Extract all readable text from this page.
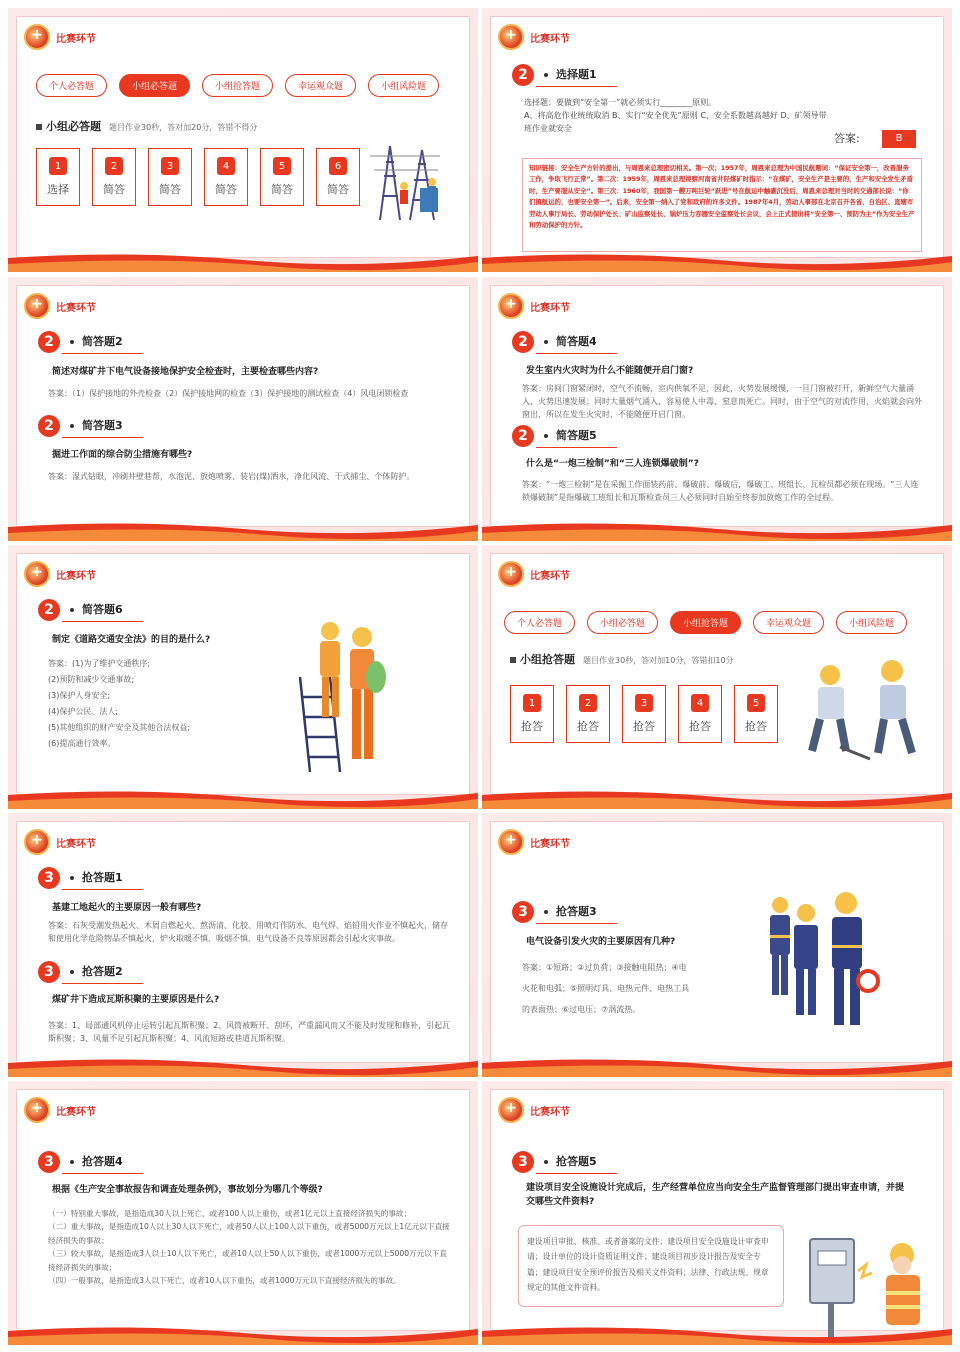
+
比赛环节
个人必答题	小组必答题	小组抢答题	幸运观众题	小组风险题
小组必答题 题目作业30秒，答对加20分，答错不得分
1
选择
2
简答
3
简答
4
简答
5
简答
6
简答
+
比赛环节
2	选择题1
选择题：要做到“安全第一”就必须实行________原则。
A、将高危作业统统取消 B、实行“安全优先”原则 C、安全系数越高越好 D、矿领导带
班作业就安全
答案:	B
知识链接：安全生产方针的提出，与周恩来总理密切相关。第一次；1957年，周恩来总理为中国民航题词：“保证安全第一，改善服务工作，争取飞行正常”。第二次：1959年，周恩来总理视察河南省井陉煤矿时指示：“在煤矿，安全生产是主要的，生产和安全发生矛盾时，生产要服从安全”。第三次：1960年，我国第一艘万吨巨轮“跃进”号在航运中触礁沉没后，周恩来总理对当时的交通部长说：“你们搞航运的，也要安全第一”。后来，安全第一纳入了党和政府的许多文件。1987年4月，劳动人事部在北京召开各省、自治区、直辖市劳动人事厅局长、劳动保护处长、矿山监察处长、锅炉压力容器安全监察处长会议，会上正式提出将“安全第一、预防为主”作为安全生产和劳动保护的方针。
+
比赛环节
2	简答题2
简述对煤矿井下电气设备接地保护安全检查时，主要检查哪些内容?
答案：（1）保护接地的外壳检查（2）保护接地网的检查（3）保护接地的测试检查（4）风电闭锁检查
2	简答题3
掘进工作面的综合防尘措施有哪些?
答案：湿式钻眼，冲刷井壁巷帮，水泡泥、放炮喷雾、装岩(煤)洒水，净化风流、干式捕尘、个体防护。
+
比赛环节
2	简答题4
发生室内火灾时为什么不能随便开启门窗?
答案：房间门窗紧闭时，空气不流畅，室内供氧不足，因此，火势发展缓慢，一旦门窗被打开，新鲜空气大量涌入，火势迅速发展；同时大量烟气涌入，容易使人中毒、窒息而死亡。同时，由于空气的对流作用，火焰就会向外窗出，所以在发生火灾时，不能随便开启门窗。
2	简答题5
什么是“一炮三检制”和“三人连锁爆破制”?
答案：“一炮三检制”是在采掘工作面装药前、爆破前、爆破后，爆破工、班组长、瓦检员都必须在现场。“三人连锁爆破制”是指爆破工班组长和瓦斯检查员三人必须同时自始至终参加放炮工作的全过程。
+
比赛环节
2	简答题6
制定《道路交通安全法》的目的是什么?
答案：(1)为了维护交通秩序;
(2)预防和减少交通事故;
(3)保护人身安全;
(4)保护公民、法人;
(5)其他组织的财产安全及其他合法权益;
(6)提高通行效率。
+
比赛环节
个人必答题	小组必答题	小组抢答题	幸运观众题	小组风险题
小组抢答题 题目作业30秒，答对加10分，答错扣10分
1
抢答
2
抢答
3
抢答
4
抢答
5
抢答
+
比赛环节
3	抢答题1
基建工地起火的主要原因一般有哪些?
答案：石灰受潮发热起火、木屑自燃起火、熬沥清、化胶、用喷灯作防水、电气焊、焰铅用火作业不慎起火，储存和使用化学危险物品不慎起火，炉火取暖不慎、吸烟不慎、电气设备不良等原因都会引起火灾事故。
3	抢答题2
煤矿井下造成瓦斯积聚的主要原因是什么?
答案：1、局部通风机停止运转引起瓦斯积聚；2、风筒被断开、刮坏，严重漏风而又不能及时发现和修补，引起瓦斯积聚；3、风量不足引起瓦斯积聚；4、风流短路或巷道瓦斯积聚。
+
比赛环节
3	抢答题3
电气设备引发火灾的主要原因有几种?
答案：①短路；②过负荷；③接触电阻热；④电
火花和电弧；⑤照明灯具、电热元件、电热工具
的表面热；⑥过电压；⑦涡流热。
+
比赛环节
3	抢答题4
根据《生产安全事故报告和调查处理条例》，事故划分为哪几个等级?
（一）特别重大事故，是指造成30人以上死亡，或者100人以上重伤，或者1亿元以上直接经济损失的事故；
（二）重大事故，是指造成10人以上30人以下死亡，或者50人以上100人以下重伤，或者5000万元以上1亿元以下直接经济损失的事故；
（三）较大事故，是指造成3人以上10人以下死亡，或者10人以上50人以下重伤，或者1000万元以上5000万元以下直接经济损失的事故；
（四）一般事故，是指造成3人以下死亡，或者10人以下重伤，或者1000万元以下直接经济损失的事故。
+
比赛环节
3	抢答题5
建设项目安全设施设计完成后，生产经营单位应当向安全生产监督管理部门提出审查申请，并提交哪些文件资料?
建设项目审批、核准、或者备案的文件；建设项目安全设施设计审查申请；设计单位的设计资质证明文件；建设项目初步设计报告及安全专篇；建设项目安全预评价报告及相关文件资料；法律、行政法规、规章规定的其他文件资料。
